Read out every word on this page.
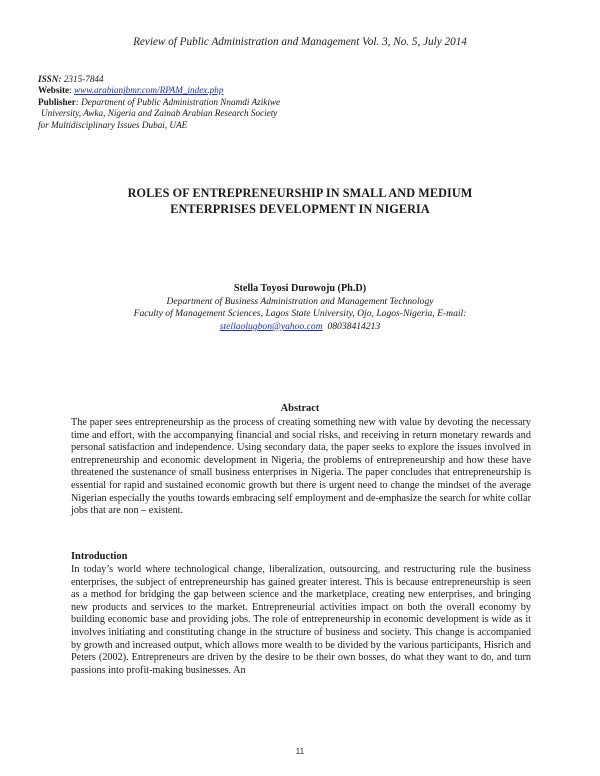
Review of Public Administration and Management Vol. 3, No. 5, July 2014
ISSN: 2315-7844
Website: www.arabianjbmr.com/RPAM_index.php
Publisher: Department of Public Administration Nnamdi Azikiwe
University, Awka, Nigeria and Zainab Arabian Research Society
for Multidisciplinary Issues Dubai, UAE
ROLES OF ENTREPRENEURSHIP IN SMALL AND MEDIUM
ENTERPRISES DEVELOPMENT IN NIGERIA
Stella Toyosi Durowoju (Ph.D)
Department of Business Administration and Management Technology
Faculty of Management Sciences, Lagos State University, Ojo, Lagos-Nigeria, E-mail:
stellaolugbon@yahoo.com 08038414213
Abstract
The paper sees entrepreneurship as the process of creating something new with value by devoting the necessary time and effort, with the accompanying financial and social risks, and receiving in return monetary rewards and personal satisfaction and independence. Using secondary data, the paper seeks to explore the issues involved in entrepreneurship and economic development in Nigeria, the problems of entrepreneurship and how these have threatened the sustenance of small business enterprises in Nigeria. The paper concludes that entrepreneurship is essential for rapid and sustained economic growth but there is urgent need to change the mindset of the average Nigerian especially the youths towards embracing self employment and de-emphasize the search for white collar jobs that are non – existent.
Introduction
In today’s world where technological change, liberalization, outsourcing, and restructuring rule the business enterprises, the subject of entrepreneurship has gained greater interest. This is because entrepreneurship is seen as a method for bridging the gap between science and the marketplace, creating new enterprises, and bringing new products and services to the market. Entrepreneurial activities impact on both the overall economy by building economic base and providing jobs. The role of entrepreneurship in economic development is wide as it involves initiating and constituting change in the structure of business and society. This change is accompanied by growth and increased output, which allows more wealth to be divided by the various participants, Hisrich and Peters (2002). Entrepreneurs are driven by the desire to be their own bosses, do what they want to do, and turn passions into profit-making businesses. An
11
